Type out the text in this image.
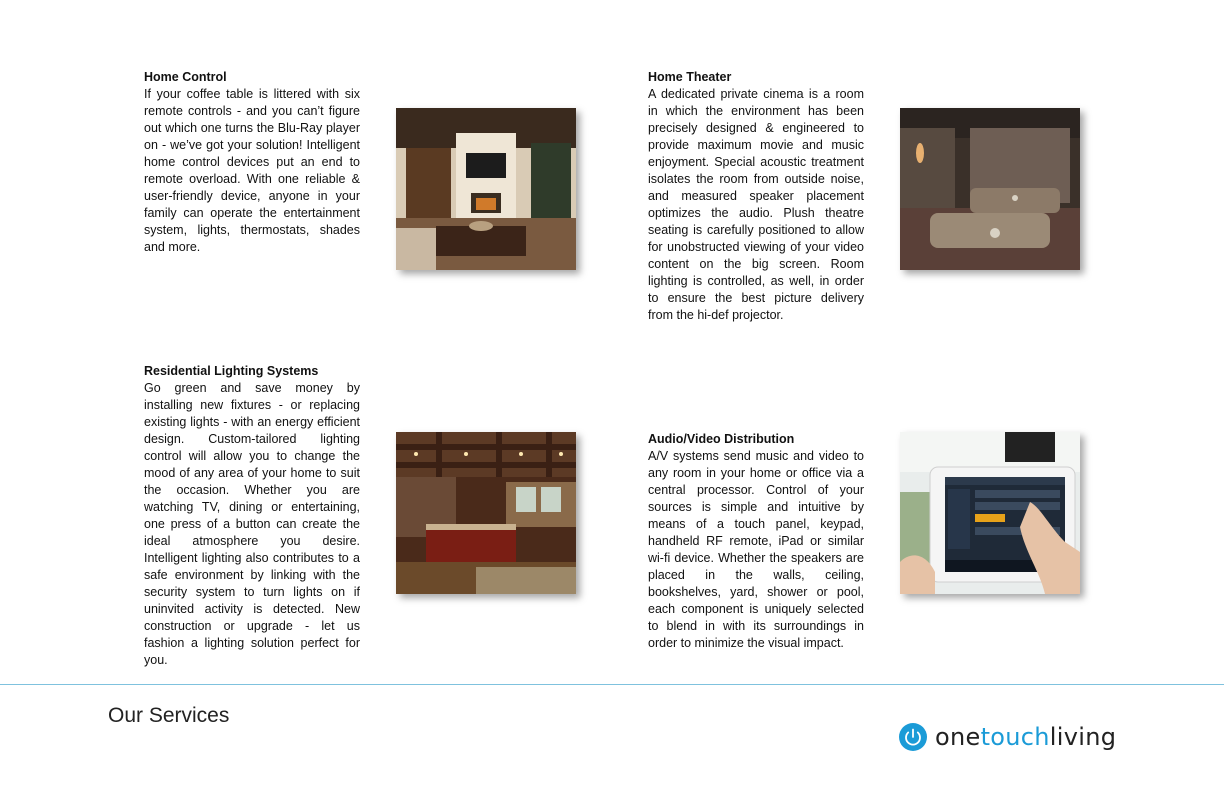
Home Control

If your coffee table is littered with six remote controls - and you can’t figure out which one turns the Blu-Ray player on - we’ve got your solution! Intelligent home control devices put an end to remote overload. With one reliable & user-friendly device, anyone in your family can operate the entertainment system, lights, thermostats, shades and more.

Home Theater

A dedicated private cinema is a room in which the environment has been precisely designed & engineered to provide maximum movie and music enjoyment. Special acoustic treatment isolates the room from outside noise, and measured speaker placement optimizes the audio. Plush theatre seating is carefully positioned to allow for unobstructed viewing of your video content on the big screen. Room lighting is controlled, as well, in order to ensure the best picture delivery from the hi-def projector.

Residential Lighting Systems

Go green and save money by installing new fixtures - or replacing existing lights - with an energy efficient design. Custom-tailored lighting control will allow you to change the mood of any area of your home to suit the occasion. Whether you are watching TV, dining or entertaining, one press of a button can create the ideal atmosphere you desire. Intelligent lighting also contributes to a safe environment by linking with the security system to turn lights on if uninvited activity is detected. New construction or upgrade - let us fashion a lighting solution perfect for you.

Audio/Video Distribution

A/V systems send music and video to any room in your home or office via a central processor. Control of your sources is simple and intuitive by means of a touch panel, keypad, handheld RF remote, iPad or similar wi-fi device. Whether the speakers are placed in the walls, ceiling, bookshelves, yard, shower or pool, each component is uniquely selected to blend in with its surroundings in order to minimize the visual impact.

Our Services
onetouchliving
